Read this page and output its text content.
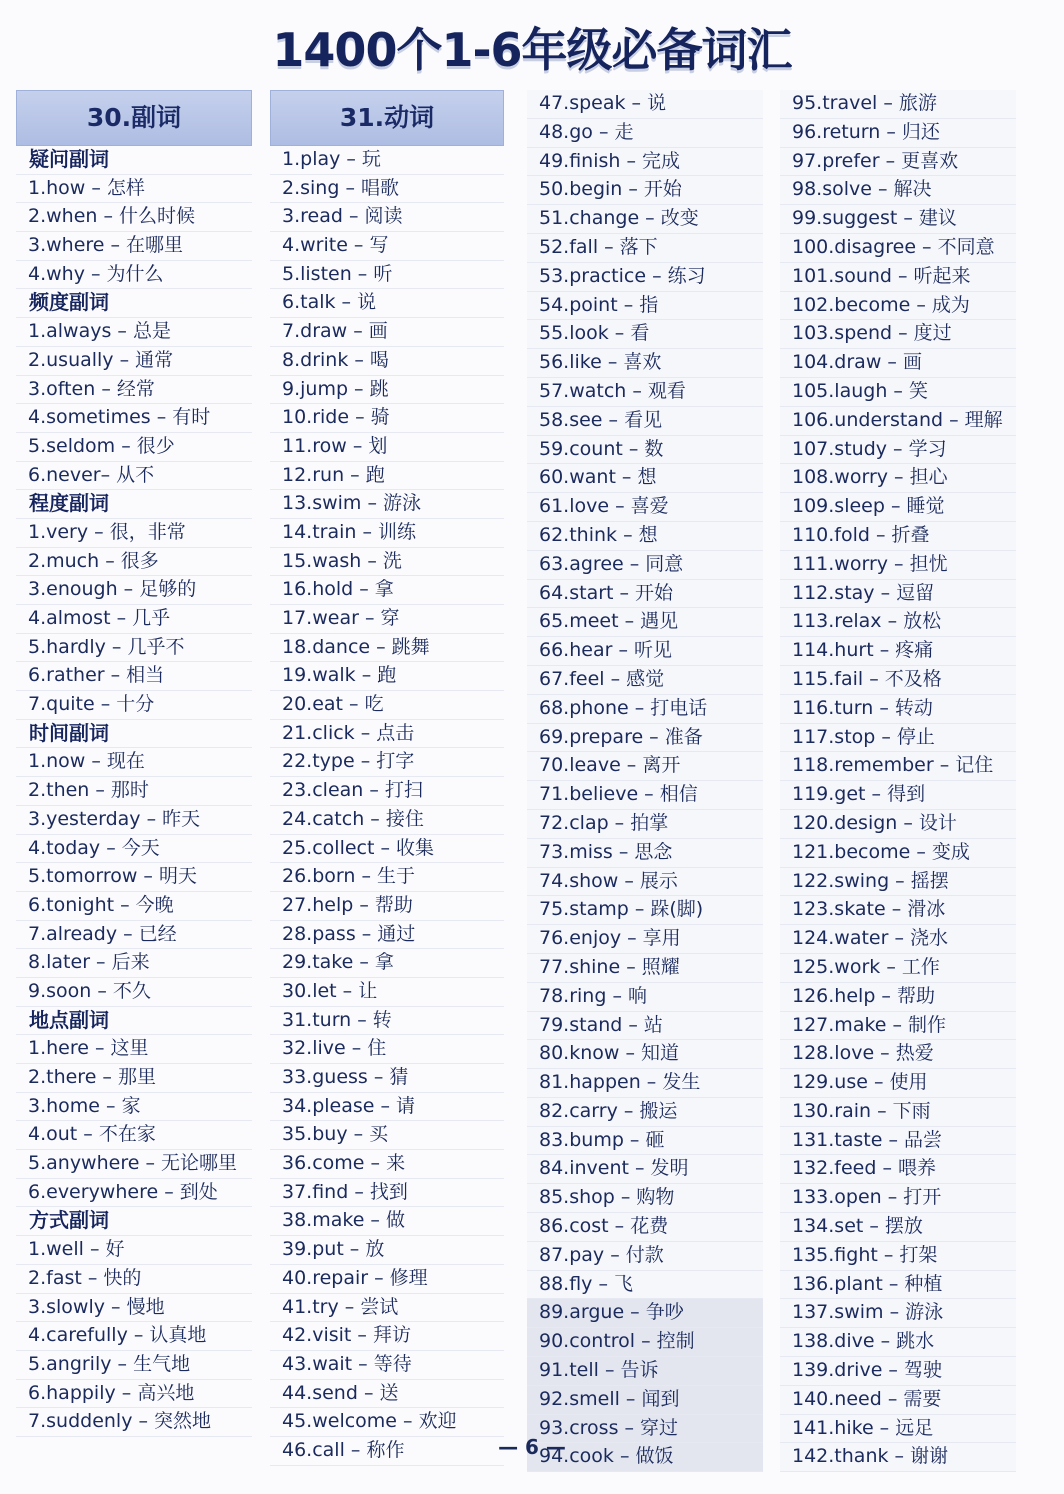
1400个1-6年级必备词汇
30.副词
疑问副词
1.how – 怎样
2.when – 什么时候
3.where – 在哪里
4.why – 为什么
频度副词
1.always – 总是
2.usually – 通常
3.often – 经常
4.sometimes – 有时
5.seldom – 很少
6.never– 从不
程度副词
1.very – 很，非常
2.much – 很多
3.enough – 足够的
4.almost – 几乎
5.hardly – 几乎不
6.rather – 相当
7.quite – 十分
时间副词
1.now – 现在
2.then – 那时
3.yesterday – 昨天
4.today – 今天
5.tomorrow – 明天
6.tonight – 今晚
7.already – 已经
8.later – 后来
9.soon – 不久
地点副词
1.here – 这里
2.there – 那里
3.home – 家
4.out – 不在家
5.anywhere – 无论哪里
6.everywhere – 到处
方式副词
1.well – 好
2.fast – 快的
3.slowly – 慢地
4.carefully – 认真地
5.angrily – 生气地
6.happily – 高兴地
7.suddenly – 突然地
31.动词
1.play – 玩
2.sing – 唱歌
3.read – 阅读
4.write – 写
5.listen – 听
6.talk – 说
7.draw – 画
8.drink – 喝
9.jump – 跳
10.ride – 骑
11.row – 划
12.run – 跑
13.swim – 游泳
14.train – 训练
15.wash – 洗
16.hold – 拿
17.wear – 穿
18.dance – 跳舞
19.walk – 跑
20.eat – 吃
21.click – 点击
22.type – 打字
23.clean – 打扫
24.catch – 接住
25.collect – 收集
26.born – 生于
27.help – 帮助
28.pass – 通过
29.take – 拿
30.let – 让
31.turn – 转
32.live – 住
33.guess – 猜
34.please – 请
35.buy – 买
36.come – 来
37.find – 找到
38.make – 做
39.put – 放
40.repair – 修理
41.try – 尝试
42.visit – 拜访
43.wait – 等待
44.send – 送
45.welcome – 欢迎
46.call – 称作
47.speak – 说
48.go – 走
49.finish – 完成
50.begin – 开始
51.change – 改变
52.fall – 落下
53.practice – 练习
54.point – 指
55.look – 看
56.like – 喜欢
57.watch – 观看
58.see – 看见
59.count – 数
60.want – 想
61.love – 喜爱
62.think – 想
63.agree – 同意
64.start – 开始
65.meet – 遇见
66.hear – 听见
67.feel – 感觉
68.phone – 打电话
69.prepare – 准备
70.leave – 离开
71.believe – 相信
72.clap – 拍掌
73.miss – 思念
74.show – 展示
75.stamp – 跺(脚)
76.enjoy – 享用
77.shine – 照耀
78.ring – 响
79.stand – 站
80.know – 知道
81.happen – 发生
82.carry – 搬运
83.bump – 砸
84.invent – 发明
85.shop – 购物
86.cost – 花费
87.pay – 付款
88.fly – 飞
89.argue – 争吵
90.control – 控制
91.tell – 告诉
92.smell – 闻到
93.cross – 穿过
94.cook – 做饭
95.travel – 旅游
96.return – 归还
97.prefer – 更喜欢
98.solve – 解决
99.suggest – 建议
100.disagree – 不同意
101.sound – 听起来
102.become – 成为
103.spend – 度过
104.draw – 画
105.laugh – 笑
106.understand – 理解
107.study – 学习
108.worry – 担心
109.sleep – 睡觉
110.fold – 折叠
111.worry – 担忧
112.stay – 逗留
113.relax – 放松
114.hurt – 疼痛
115.fail – 不及格
116.turn – 转动
117.stop – 停止
118.remember – 记住
119.get – 得到
120.design – 设计
121.become – 变成
122.swing – 摇摆
123.skate – 滑冰
124.water – 浇水
125.work – 工作
126.help – 帮助
127.make – 制作
128.love – 热爱
129.use – 使用
130.rain – 下雨
131.taste – 品尝
132.feed – 喂养
133.open – 打开
134.set – 摆放
135.fight – 打架
136.plant – 种植
137.swim – 游泳
138.dive – 跳水
139.drive – 驾驶
140.need – 需要
141.hike – 远足
142.thank – 谢谢
— 6 —
